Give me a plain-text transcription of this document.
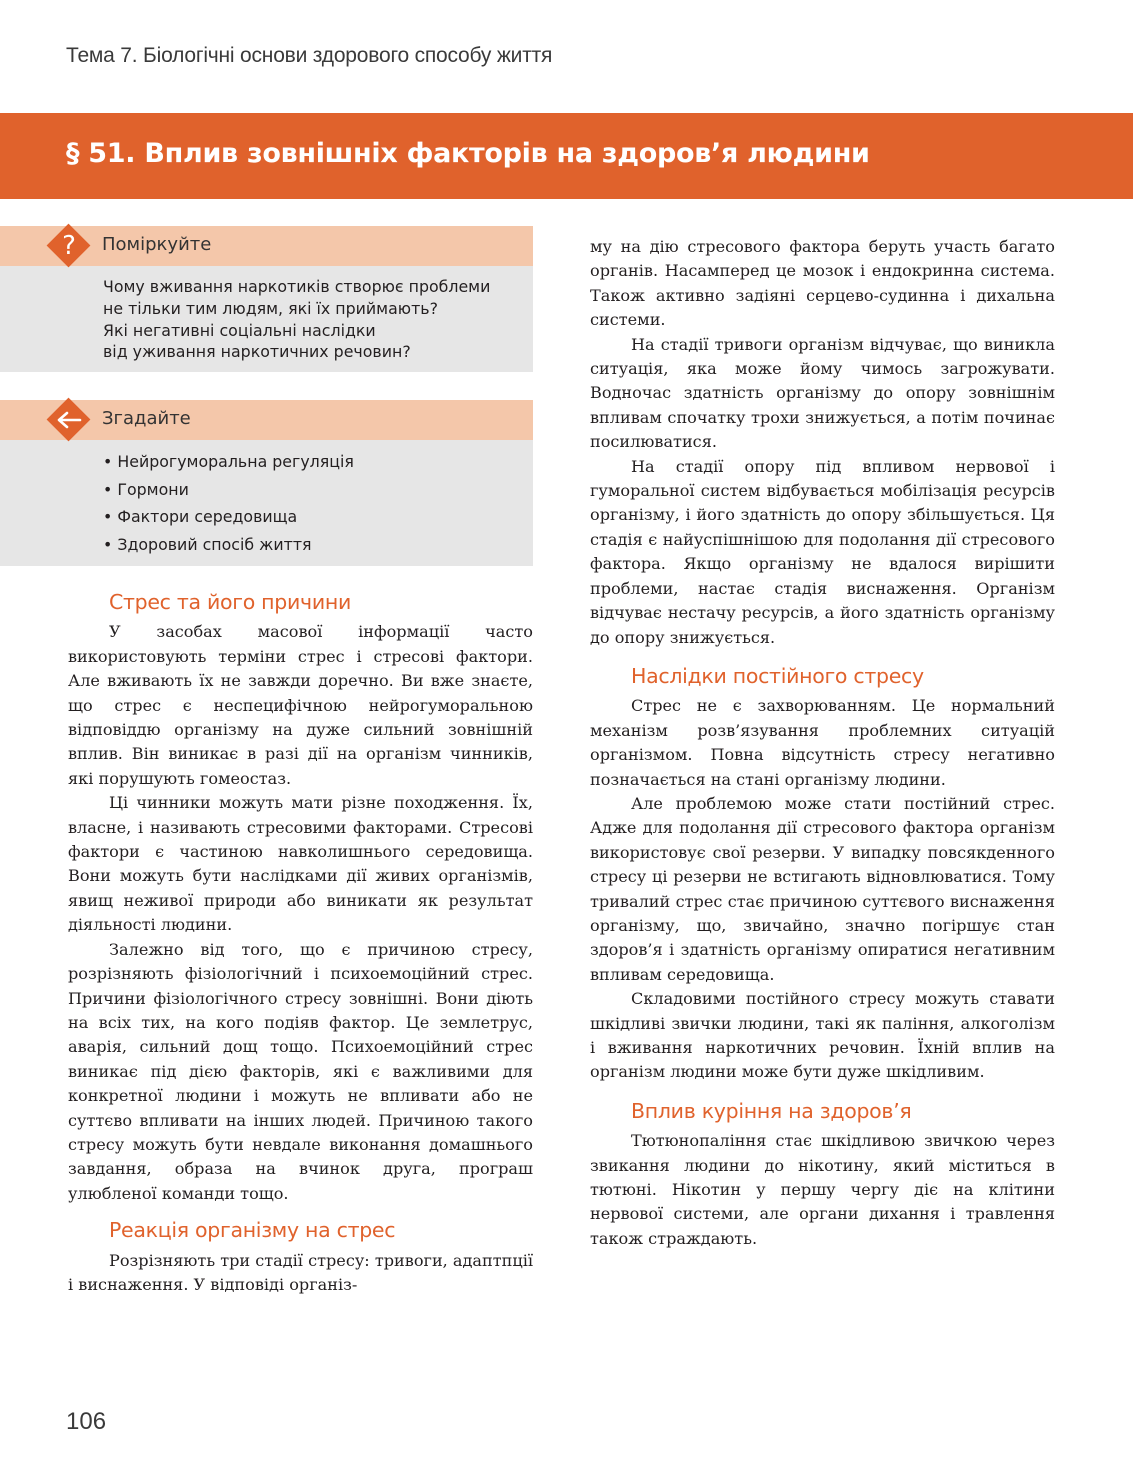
Тема 7. Біологічні основи здорового способу життя
§ 51. Вплив зовнішніх факторів на здоров’я людини
?	Поміркуйте

Чому вживання наркотиків створює проблеми
не тільки тим людям, які їх приймають?
Які негативні соціальні наслідки
від уживання наркотичних речовин?

Згадайте
• Нейрогуморальна регуляція
• Гормони
• Фактори середовища
• Здоровий спосіб життя
Стрес та його причини

У засобах масової інформації часто використовують терміни стрес і стресові фактори. Але вживають їх не завжди доречно. Ви вже знаєте, що стрес є неспецифічною нейрогуморальною відповіддю організму на дуже сильний зовнішній вплив. Він виникає в разі дії на організм чинників, які порушують гомеостаз.

Ці чинники можуть мати різне походження. Їх, власне, і називають стресовими факторами. Стресові фактори є частиною навколишнього середовища. Вони можуть бути наслідками дії живих організмів, явищ неживої природи або виникати як результат діяльності людини.

Залежно від того, що є причиною стресу, розрізняють фізіологічний і психоемоційний стрес. Причини фізіологічного стресу зовнішні. Вони діють на всіх тих, на кого подіяв фактор. Це землетрус, аварія, сильний дощ тощо. Психоемоційний стрес виникає під дією факторів, які є важливими для конкретної людини і можуть не впливати або не суттєво впливати на інших людей. Причиною такого стресу можуть бути невдале виконання домашнього завдання, образа на вчинок друга, програш улюбленої команди тощо.

Реакція організму на стрес

Розрізняють три стадії стресу: тривоги, адаптпції і виснаження. У відповіді організ-

му на дію стресового фактора беруть участь багато органів. Насамперед це мозок і ендокринна система. Також активно задіяні серцево-судинна і дихальна системи.

На стадії тривоги організм відчуває, що виникла ситуація, яка може йому чимось загрожувати. Водночас здатність організму до опору зовнішнім впливам спочатку трохи знижується, а потім починає посилюватися.

На стадії опору під впливом нервової і гуморальної систем відбувається мобілізація ресурсів організму, і його здатність до опору збільшується. Ця стадія є найуспішнішою для подолання дії стресового фактора. Якщо організму не вдалося вирішити проблеми, настає стадія виснаження. Організм відчуває нестачу ресурсів, а його здатність організму до опору знижується.

Наслідки постійного стресу

Стрес не є захворюванням. Це нормальний механізм розв’язування проблемних ситуацій організмом. Повна відсутність стресу негативно позначається на стані організму людини.

Але проблемою може стати постійний стрес. Адже для подолання дії стресового фактора організм використовує свої резерви. У випадку повсякденного стресу ці резерви не встигають відновлюватися. Тому тривалий стрес стає причиною суттєвого виснаження організму, що, звичайно, значно погіршує стан здоров’я і здатність організму опиратися негативним впливам середовища.

Складовими постійного стресу можуть ставати шкідливі звички людини, такі як паління, алкоголізм і вживання наркотичних речовин. Їхній вплив на організм людини може бути дуже шкідливим.

Вплив куріння на здоров’я

Тютюнопаління стає шкідливою звичкою через звикання людини до нікотину, який міститься в тютюні. Нікотин у першу чергу діє на клітини нервової системи, але органи дихання і травлення також страждають.

106
